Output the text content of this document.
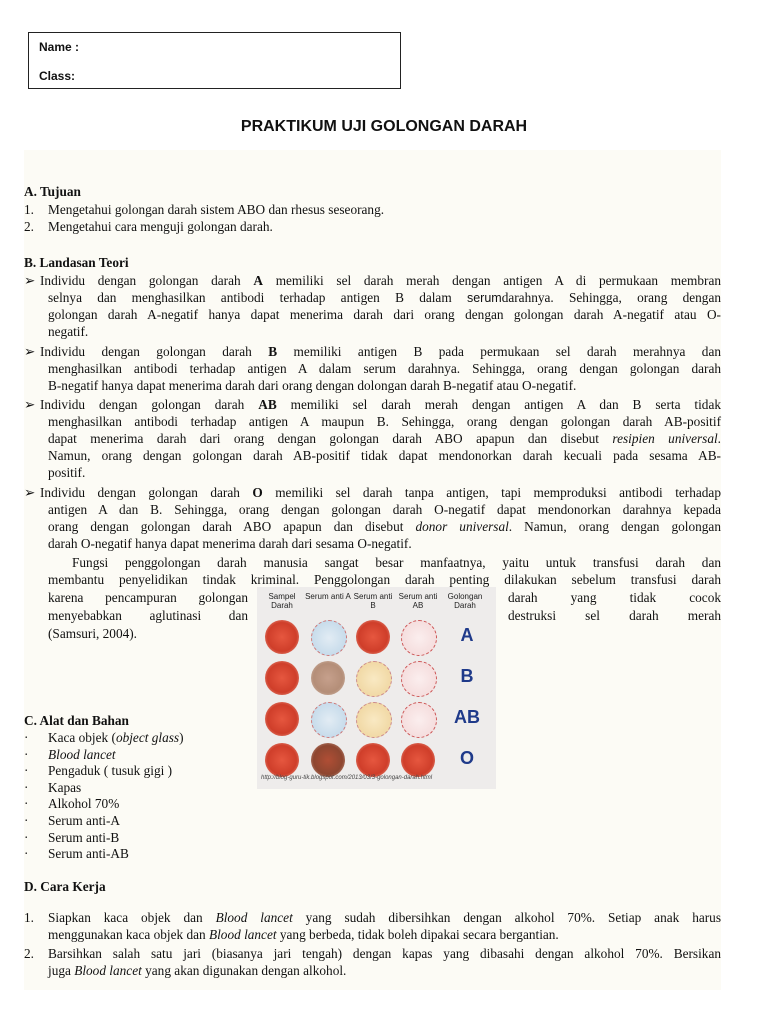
Name :
Class:
PRAKTIKUM UJI GOLONGAN DARAH
A. Tujuan
1. Mengetahui golongan darah sistem ABO dan rhesus seseorang.
2. Mengetahui cara menguji golongan darah.
B. Landasan Teori
➢ Individu dengan golongan darah A memiliki sel darah merah dengan antigen A di permukaan membran
selnya dan menghasilkan antibodi terhadap antigen B dalam serumdarahnya. Sehingga, orang dengan
golongan darah A-negatif hanya dapat menerima darah dari orang dengan golongan darah A-negatif atau O-
negatif.
➢ Individu dengan golongan darah B memiliki antigen B pada permukaan sel darah merahnya dan
menghasilkan antibodi terhadap antigen A dalam serum darahnya. Sehingga, orang dengan golongan darah
B-negatif hanya dapat menerima darah dari orang dengan dolongan darah B-negatif atau O-negatif.
➢ Individu dengan golongan darah AB memiliki sel darah merah dengan antigen A dan B serta tidak
menghasilkan antibodi terhadap antigen A maupun B. Sehingga, orang dengan golongan darah AB-positif
dapat menerima darah dari orang dengan golongan darah ABO apapun dan disebut resipien universal.
Namun, orang dengan golongan darah AB-positif tidak dapat mendonorkan darah kecuali pada sesama AB-
positif.
➢ Individu dengan golongan darah O memiliki sel darah tanpa antigen, tapi memproduksi antibodi terhadap
antigen A dan B. Sehingga, orang dengan golongan darah O-negatif dapat mendonorkan darahnya kepada
orang dengan golongan darah ABO apapun dan disebut donor universal. Namun, orang dengan golongan
darah O-negatif hanya dapat menerima darah dari sesama O-negatif.
Fungsi penggolongan darah manusia sangat besar manfaatnya, yaitu untuk transfusi darah dan
membantu penyelidikan tindak kriminal. Penggolongan darah penting dilakukan sebelum transfusi darah
karena pencampuran golongan	darah yang tidak cocok
menyebabkan aglutinasi dan	destruksi sel darah merah
(Samsuri, 2004).
Sampel Darah
Serum anti A Serum anti B
Serum anti AB
Golongan Darah
A
B
AB
O
http://blog-guru-tik.blogspot.com/2013/03/3-golongan-darah.html
C. Alat dan Bahan
· Kaca objek (object glass)
· Blood lancet
· Pengaduk ( tusuk gigi )
· Kapas
· Alkohol 70%
· Serum anti-A
· Serum anti-B
· Serum anti-AB
D. Cara Kerja
1. Siapkan kaca objek dan Blood lancet yang sudah dibersihkan dengan alkohol 70%. Setiap anak harus
menggunakan kaca objek dan Blood lancet yang berbeda, tidak boleh dipakai secara bergantian.
2. Barsihkan salah satu jari (biasanya jari tengah) dengan kapas yang dibasahi dengan alkohol 70%. Bersikan
juga Blood lancet yang akan digunakan dengan alkohol.
